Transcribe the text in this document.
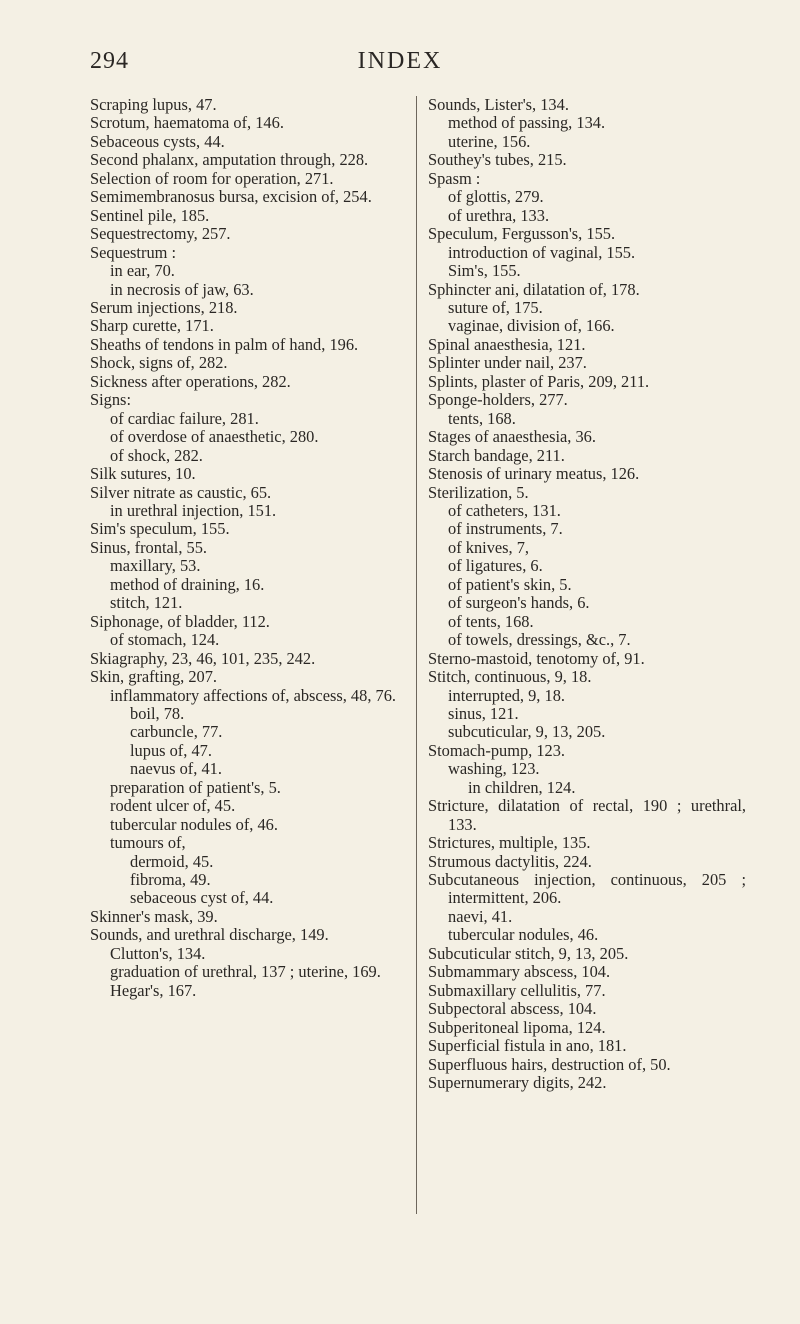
294	INDEX

Scraping lupus, 47.

Scrotum, haematoma of, 146.

Sebaceous cysts, 44.

Second phalanx, amputation through, 228.

Selection of room for operation, 271.

Semimembranosus bursa, excision of, 254.

Sentinel pile, 185.

Sequestrectomy, 257.

Sequestrum :

in ear, 70.

in necrosis of jaw, 63.

Serum injections, 218.

Sharp curette, 171.

Sheaths of tendons in palm of hand, 196.

Shock, signs of, 282.

Sickness after operations, 282.

Signs:

of cardiac failure, 281.

of overdose of anaesthetic, 280.

of shock, 282.

Silk sutures, 10.

Silver nitrate as caustic, 65.

in urethral injection, 151.

Sim's speculum, 155.

Sinus, frontal, 55.

maxillary, 53.

method of draining, 16.

stitch, 121.

Siphonage, of bladder, 112.

of stomach, 124.

Skiagraphy, 23, 46, 101, 235, 242.

Skin, grafting, 207.

inflammatory affections of, abscess, 48, 76.

boil, 78.

carbuncle, 77.

lupus of, 47.

naevus of, 41.

preparation of patient's, 5.

rodent ulcer of, 45.

tubercular nodules of, 46.

tumours of,

dermoid, 45.

fibroma, 49.

sebaceous cyst of, 44.

Skinner's mask, 39.

Sounds, and urethral discharge, 149.

Clutton's, 134.

graduation of urethral, 137 ; uterine, 169.

Hegar's, 167.

Sounds, Lister's, 134.

method of passing, 134.

uterine, 156.

Southey's tubes, 215.

Spasm :

of glottis, 279.

of urethra, 133.

Speculum, Fergusson's, 155.

introduction of vaginal, 155.

Sim's, 155.

Sphincter ani, dilatation of, 178.

suture of, 175.

vaginae, division of, 166.

Spinal anaesthesia, 121.

Splinter under nail, 237.

Splints, plaster of Paris, 209, 211.

Sponge-holders, 277.

tents, 168.

Stages of anaesthesia, 36.

Starch bandage, 211.

Stenosis of urinary meatus, 126.

Sterilization, 5.

of catheters, 131.

of instruments, 7.

of knives, 7,

of ligatures, 6.

of patient's skin, 5.

of surgeon's hands, 6.

of tents, 168.

of towels, dressings, &c., 7.

Sterno-mastoid, tenotomy of, 91.

Stitch, continuous, 9, 18.

interrupted, 9, 18.

sinus, 121.

subcuticular, 9, 13, 205.

Stomach-pump, 123.

washing, 123.

in children, 124.

Stricture, dilatation of rectal, 190 ; urethral, 133.

Strictures, multiple, 135.

Strumous dactylitis, 224.

Subcutaneous injection, continuous, 205 ; intermittent, 206.

naevi, 41.

tubercular nodules, 46.

Subcuticular stitch, 9, 13, 205.

Submammary abscess, 104.

Submaxillary cellulitis, 77.

Subpectoral abscess, 104.

Subperitoneal lipoma, 124.

Superficial fistula in ano, 181.

Superfluous hairs, destruction of, 50.

Supernumerary digits, 242.
